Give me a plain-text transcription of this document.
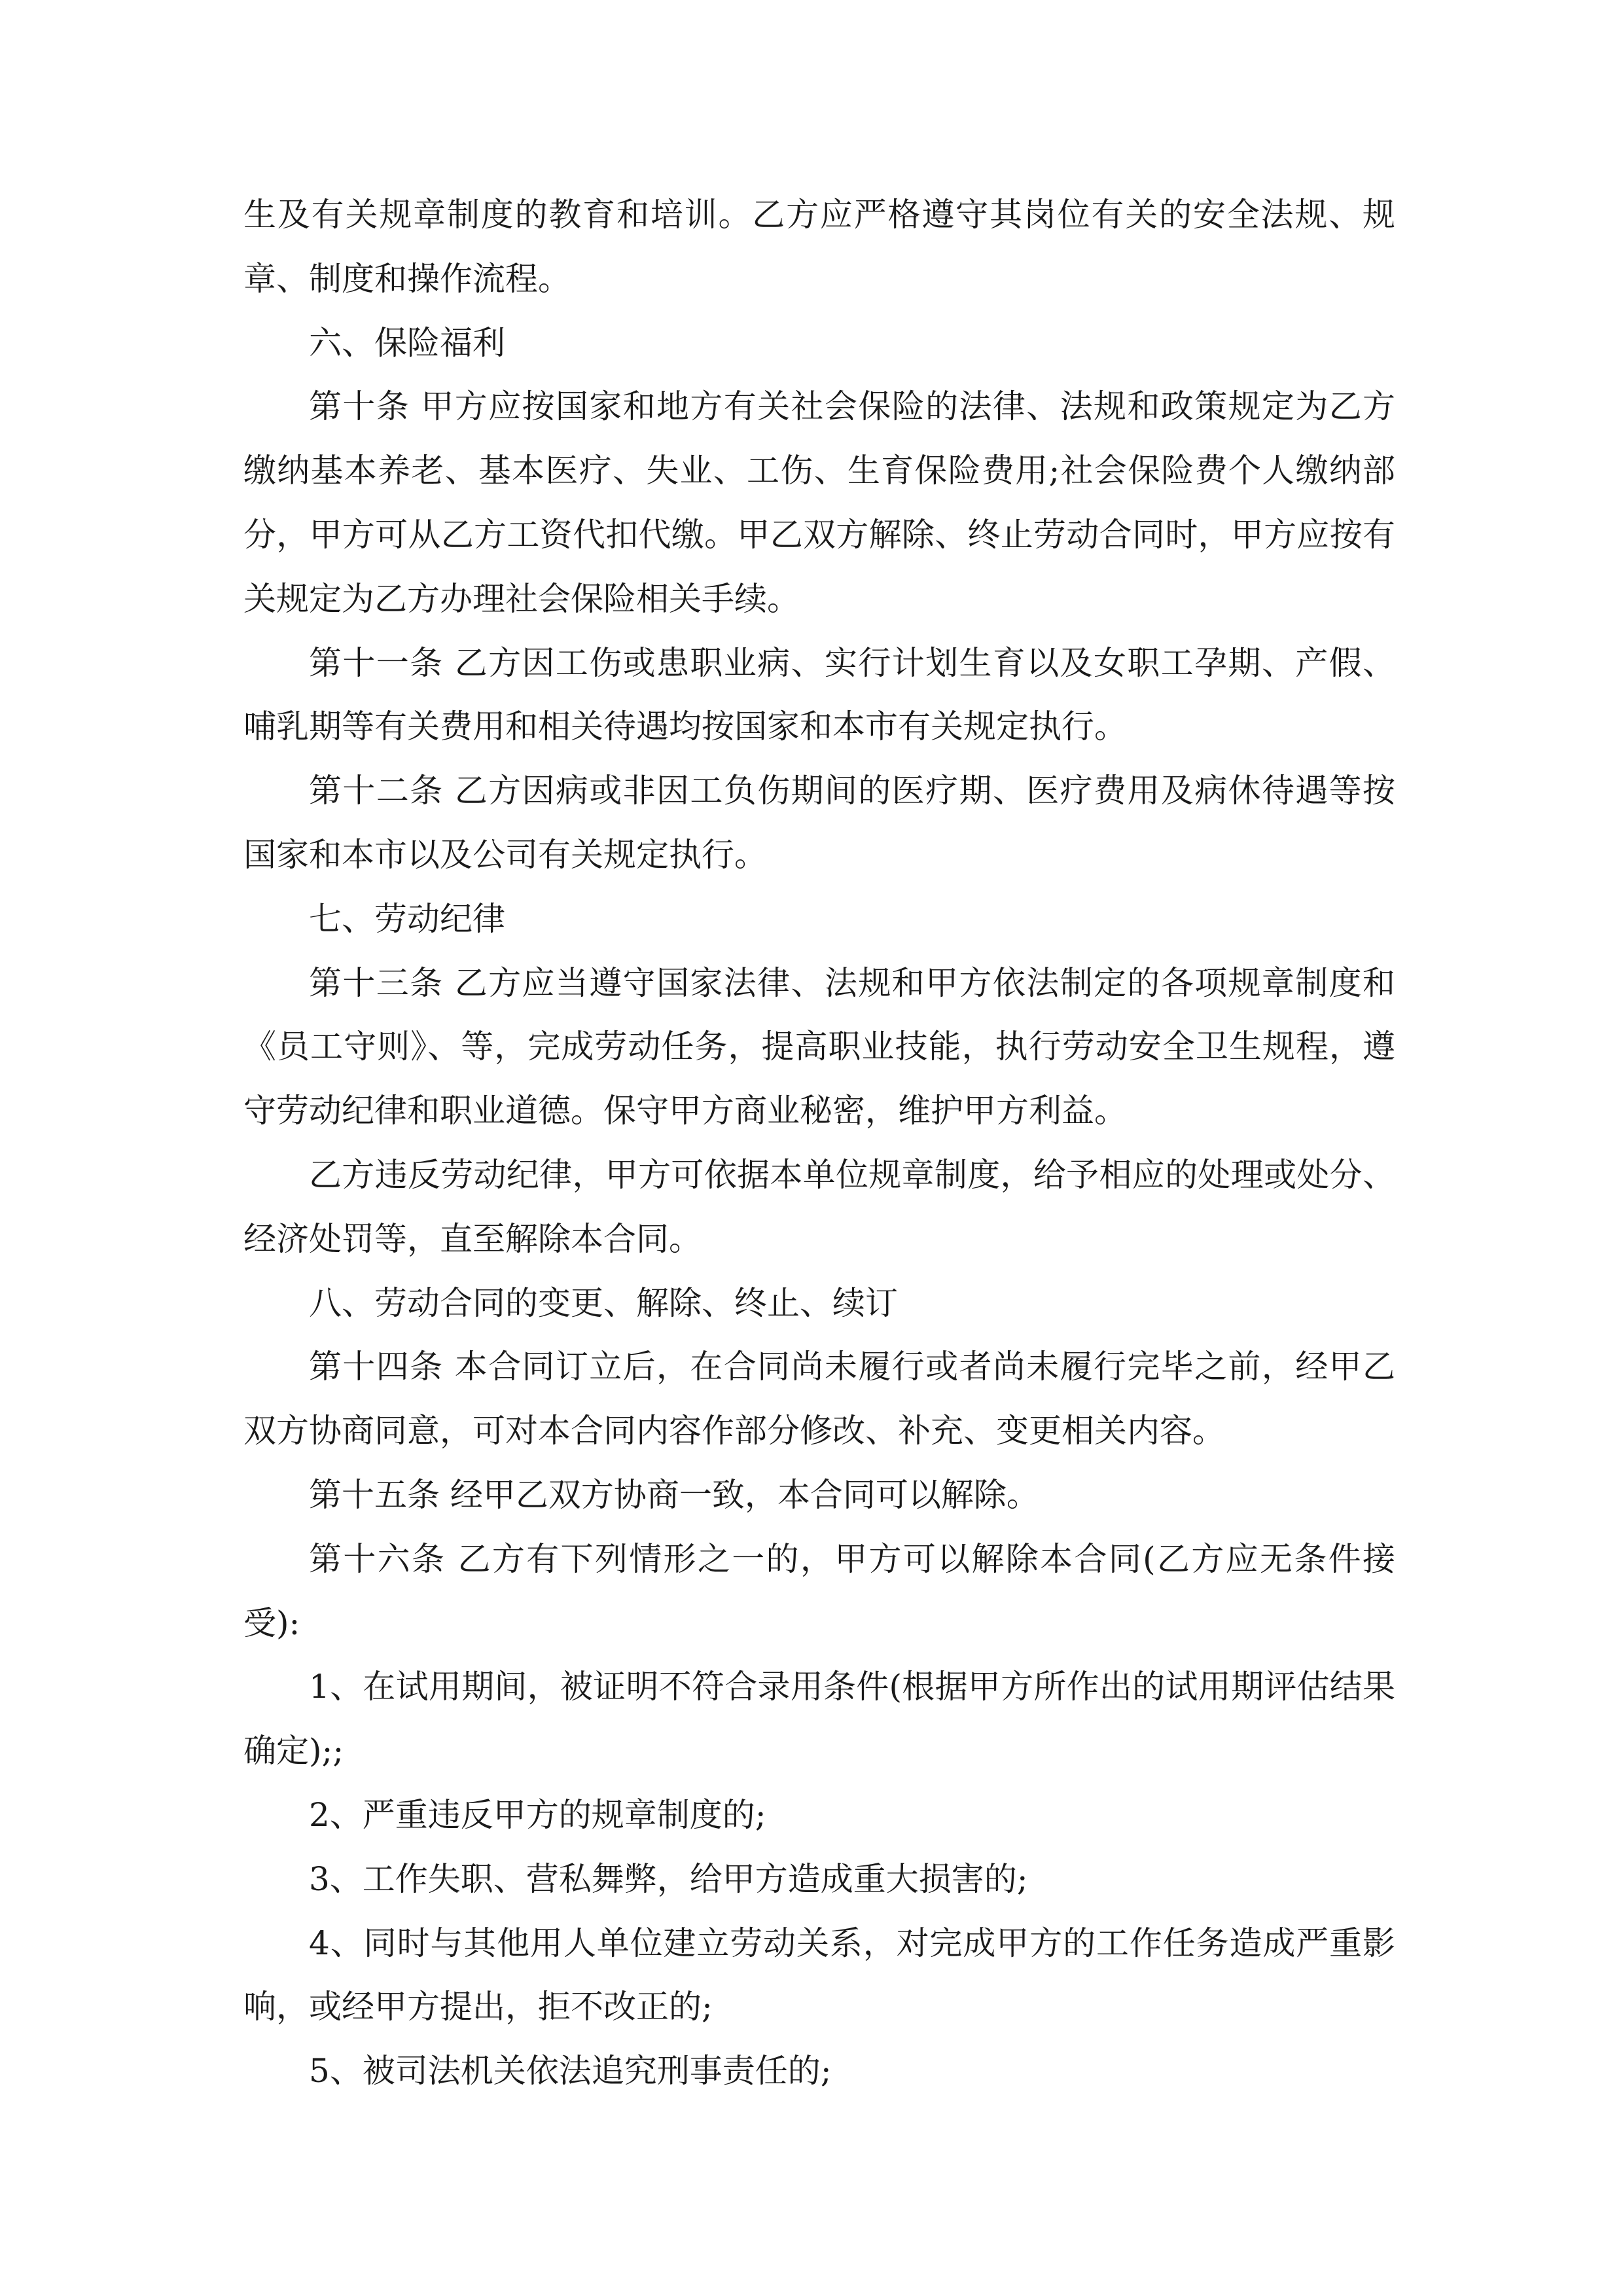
生及有关规章制度的教育和培训。乙方应严格遵守其岗位有关的安全法规、规章、制度和操作流程。

六、保险福利

第十条 甲方应按国家和地方有关社会保险的法律、法规和政策规定为乙方缴纳基本养老、基本医疗、失业、工伤、生育保险费用;社会保险费个人缴纳部分，甲方可从乙方工资代扣代缴。甲乙双方解除、终止劳动合同时，甲方应按有关规定为乙方办理社会保险相关手续。

第十一条 乙方因工伤或患职业病、实行计划生育以及女职工孕期、产假、哺乳期等有关费用和相关待遇均按国家和本市有关规定执行。

第十二条 乙方因病或非因工负伤期间的医疗期、医疗费用及病休待遇等按国家和本市以及公司有关规定执行。

七、劳动纪律

第十三条 乙方应当遵守国家法律、法规和甲方依法制定的各项规章制度和《员工守则》、等，完成劳动任务，提高职业技能，执行劳动安全卫生规程，遵守劳动纪律和职业道德。保守甲方商业秘密，维护甲方利益。

乙方违反劳动纪律，甲方可依据本单位规章制度，给予相应的处理或处分、经济处罚等，直至解除本合同。

八、劳动合同的变更、解除、终止、续订

第十四条 本合同订立后，在合同尚未履行或者尚未履行完毕之前，经甲乙双方协商同意，可对本合同内容作部分修改、补充、变更相关内容。

第十五条 经甲乙双方协商一致，本合同可以解除。

第十六条 乙方有下列情形之一的，甲方可以解除本合同(乙方应无条件接受):

1、在试用期间，被证明不符合录用条件(根据甲方所作出的试用期评估结果确定);;

2、严重违反甲方的规章制度的;

3、工作失职、营私舞弊，给甲方造成重大损害的;

4、同时与其他用人单位建立劳动关系，对完成甲方的工作任务造成严重影响，或经甲方提出，拒不改正的;

5、被司法机关依法追究刑事责任的;
